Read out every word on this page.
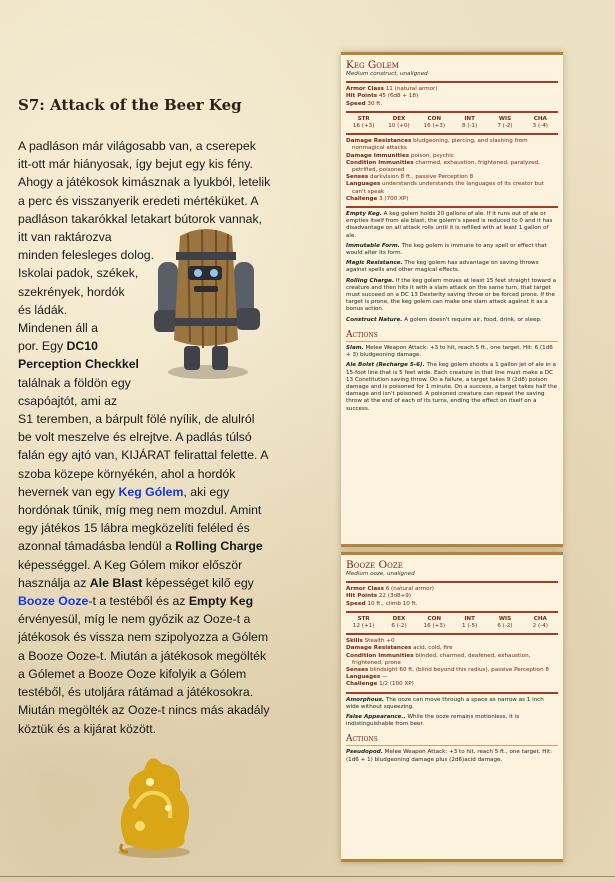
S7: Attack of the Beer Keg
A padláson már világosabb van, a cserepek
itt-ott már hiányosak, így bejut egy kis fény.
Ahogy a játékosok kimásznak a lyukból, letelik
a perc és visszanyerik eredeti mértéküket. A
padláson takarókkal letakart bútorok vannak,
itt van raktározva
minden felesleges dolog.
Iskolai padok, székek,
szekrények, hordók
és ládák.
Mindenen áll a
por. Egy DC10
Perception Checkkel
találnak a földön egy
csapóajtót, ami az
S1 teremben, a bárpult fölé nyílik, de alulról
be volt meszelve és elrejtve. A padlás túlsó
falán egy ajtó van, KIJÁRAT felirattal felette. A
szoba közepe környékén, ahol a hordók
hevernek van egy Keg Gólem, aki egy
hordónak tűnik, míg meg nem mozdul. Amint
egy játékos 15 lábra megközelíti feléled és
azonnal támadásba lendül a Rolling Charge
képességgel. A Keg Gólem mikor először
használja az Ale Blast képességet kilő egy
Booze Ooze-t a testéből és az Empty Keg
érvényesül, míg le nem győzik az Ooze-t a
játékosok és vissza nem szipolyozza a Gólem
a Booze Ooze-t. Miután a játékosok megölték
a Gólemet a Booze Ooze kifolyik a Gólem
testéből, és utoljára rátámad a játékosokra.
Miután megölték az Ooze-t nincs más akadály
köztük és a kijárat között.
Keg Golem
Medium construct, unaligned
Armor Class 11 (natural armor)
Hit Points 45 (6d8 + 18)
Speed 30 ft.
STR
16 (+3)
DEX
10 (+0)
CON
16 (+3)
INT
8 (-1)
WIS
7 (-2)
CHA
3 (-4)
Damage Resistances bludgeoning, piercing, and slashing from nonmagical attacks
Damage Immunities poison, psychic
Condition Immunities charmed, exhaustion, frightened, paralyzed, petrified, poisoned
Senses darkvision 8 ft., passive Perception 8
Languages understands understands the languages of its creator but can't speak
Challenge 3 (700 XP)

Empty Keg. A keg golem holds 20 gallons of ale. If it runs out of ale or empties itself from ale blast, the golem's speed is reduced to 0 and it has disadvantage on all attack rolls until it is refilled with at least 1 gallon of ale.

Immutable Form. The keg golem is immune to any spell or effect that would alter its form.

Magic Resistance. The keg golem has advantage on saving throws against spells and other magical effects.

Rolling Charge. If the keg golem moves at least 15 feet straight toward a creature and then hits it with a slam attack on the same turn, that target must succeed on a DC 13 Dexterity saving throw or be forced prone. If the target is prone, the keg golem can make one slam attack against it as a bonus action.

Construct Nature. A golem doesn't require air, food, drink, or sleep.

Actions

Slam. Melee Weapon Attack: +3 to hit, reach 5 ft., one target. Hit: 6 (1d6 + 3) bludgeoning damage.

Ale Bolst (Recharge 5-6). The keg golem shoots a 1 gallon jet of ale in a 15-foot line that is 5 feet wide. Each creature in that line must make a DC 13 Constitution saving throw. On a failure, a target takes 9 (2d8) poison damage and is poisoned for 1 minute. On a success, a target takes half the damage and isn't poisoned. A poisoned creature can repeat the saving throw at the end of each of its turns, ending the effect on itself on a success.

Booze Ooze
Medium ooze, unaligned
Armor Class 6 (natural armor)
Hit Points 22 (3d8+9)
Speed 10 ft., climb 10 ft.
STR
12 (+1)
DEX
6 (-2)
CON
16 (+3)
INT
1 (-5)
WIS
6 (-2)
CHA
2 (-4)
Skills Stealth +0
Damage Resistances acid, cold, fire
Condition Immunities blinded, charmed, deafened, exhaustion, frightened, prone
Senses blindsight 60 ft. (blind beyond this radius), passive Perception 8
Languages —
Challenge 1/2 (100 XP)

Amorphous. The ooze can move through a space as narrow as 1 inch wide without squeezing.

False Appearance.. While the ooze remains motionless, it is indistinguishable from beer.

Actions

Pseudopod. Melee Weapon Attack: +3 to hit, reach 5 ft., one target. Hit: (1d6 + 1) bludgeoning damage plus (2d6)acid damage.
